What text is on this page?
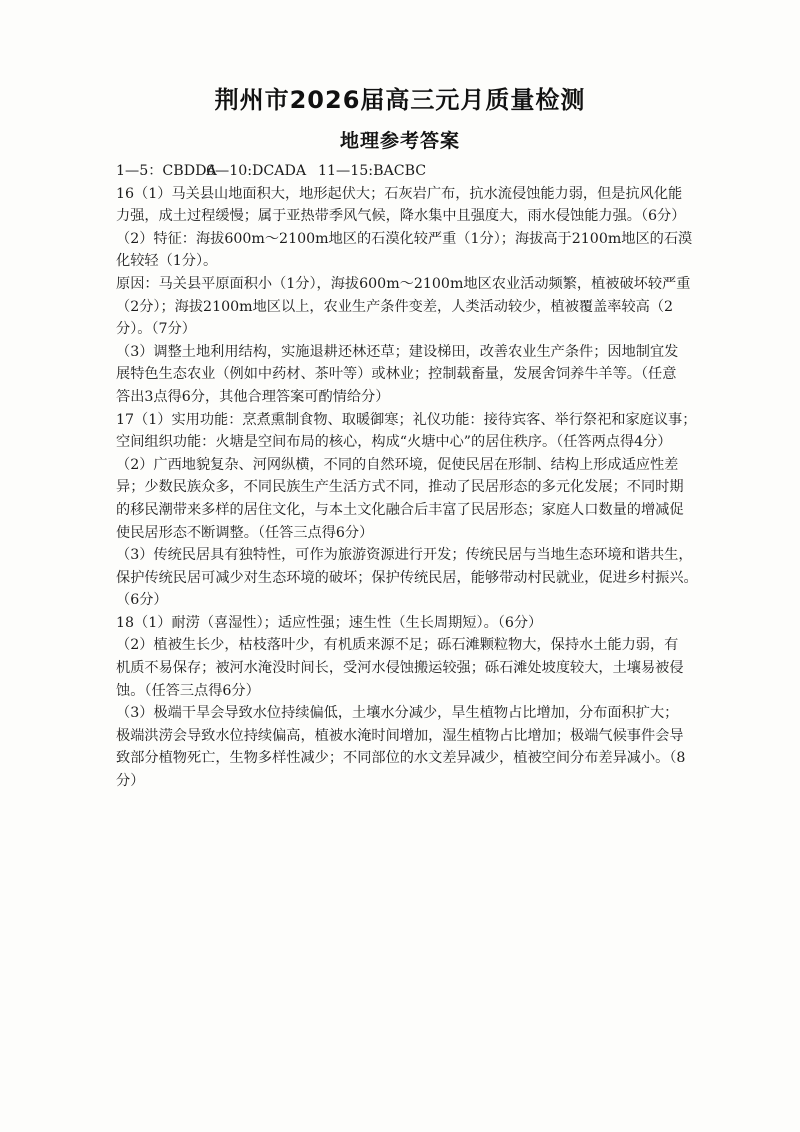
荆州市2026届高三元月质量检测
地理参考答案
1—5：CBDDA6—10:DCADA 11—15:BACBC
16（1）马关县山地面积大，地形起伏大；石灰岩广布，抗水流侵蚀能力弱，但是抗风化能
力强，成土过程缓慢；属于亚热带季风气候，降水集中且强度大，雨水侵蚀能力强。（6分）
（2）特征：海拔600m～2100m地区的石漠化较严重（1分）；海拔高于2100m地区的石漠
化较轻（1分）。
原因：马关县平原面积小（1分），海拔600m～2100m地区农业活动频繁，植被破坏较严重
（2分）；海拔2100m地区以上，农业生产条件变差，人类活动较少，植被覆盖率较高（2
分）。（7分）
（3）调整土地利用结构，实施退耕还林还草；建设梯田，改善农业生产条件；因地制宜发
展特色生态农业（例如中药材、茶叶等）或林业；控制载畜量，发展舍饲养牛羊等。（任意
答出3点得6分，其他合理答案可酌情给分）
17（1）实用功能：烹煮熏制食物、取暖御寒；礼仪功能：接待宾客、举行祭祀和家庭议事；
空间组织功能：火塘是空间布局的核心，构成“火塘中心”的居住秩序。（任答两点得4分）
（2）广西地貌复杂、河网纵横，不同的自然环境，促使民居在形制、结构上形成适应性差
异；少数民族众多，不同民族生产生活方式不同，推动了民居形态的多元化发展；不同时期
的移民潮带来多样的居住文化，与本土文化融合后丰富了民居形态；家庭人口数量的增减促
使民居形态不断调整。（任答三点得6分）
（3）传统民居具有独特性，可作为旅游资源进行开发；传统民居与当地生态环境和谐共生，
保护传统民居可减少对生态环境的破坏；保护传统民居，能够带动村民就业，促进乡村振兴。
（6分）
18（1）耐涝（喜湿性）；适应性强；速生性（生长周期短）。（6分）
（2）植被生长少，枯枝落叶少，有机质来源不足；砾石滩颗粒物大，保持水土能力弱，有
机质不易保存；被河水淹没时间长，受河水侵蚀搬运较强；砾石滩处坡度较大，土壤易被侵
蚀。（任答三点得6分）
（3）极端干旱会导致水位持续偏低，土壤水分减少，旱生植物占比增加，分布面积扩大；
极端洪涝会导致水位持续偏高，植被水淹时间增加，湿生植物占比增加；极端气候事件会导
致部分植物死亡，生物多样性减少；不同部位的水文差异减少，植被空间分布差异减小。（8
分）
